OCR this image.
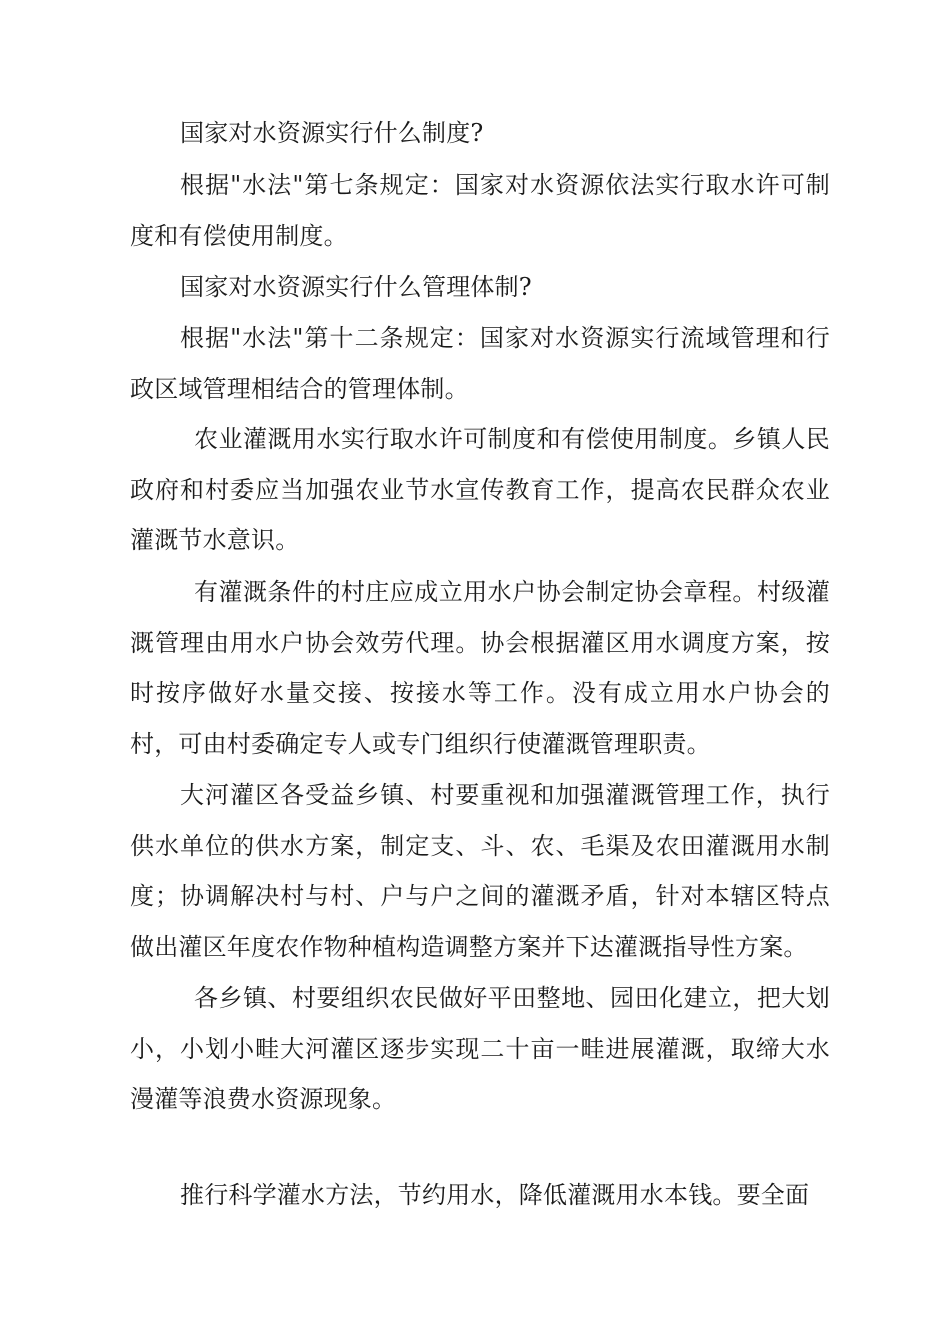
国家对水资源实行什么制度?

根据"水法"第七条规定：国家对水资源依法实行取水许可制度和有偿使用制度。

国家对水资源实行什么管理体制?

根据"水法"第十二条规定：国家对水资源实行流域管理和行政区域管理相结合的管理体制。

农业灌溉用水实行取水许可制度和有偿使用制度。乡镇人民政府和村委应当加强农业节水宣传教育工作，提高农民群众农业灌溉节水意识。

有灌溉条件的村庄应成立用水户协会制定协会章程。村级灌溉管理由用水户协会效劳代理。协会根据灌区用水调度方案，按时按序做好水量交接、按接水等工作。没有成立用水户协会的村，可由村委确定专人或专门组织行使灌溉管理职责。

大河灌区各受益乡镇、村要重视和加强灌溉管理工作，执行供水单位的供水方案，制定支、斗、农、毛渠及农田灌溉用水制度；协调解决村与村、户与户之间的灌溉矛盾，针对本辖区特点做出灌区年度农作物种植构造调整方案并下达灌溉指导性方案。

各乡镇、村要组织农民做好平田整地、园田化建立，把大划小，小划小畦大河灌区逐步实现二十亩一畦进展灌溉，取缔大水漫灌等浪费水资源现象。

推行科学灌水方法，节约用水，降低灌溉用水本钱。要全面
